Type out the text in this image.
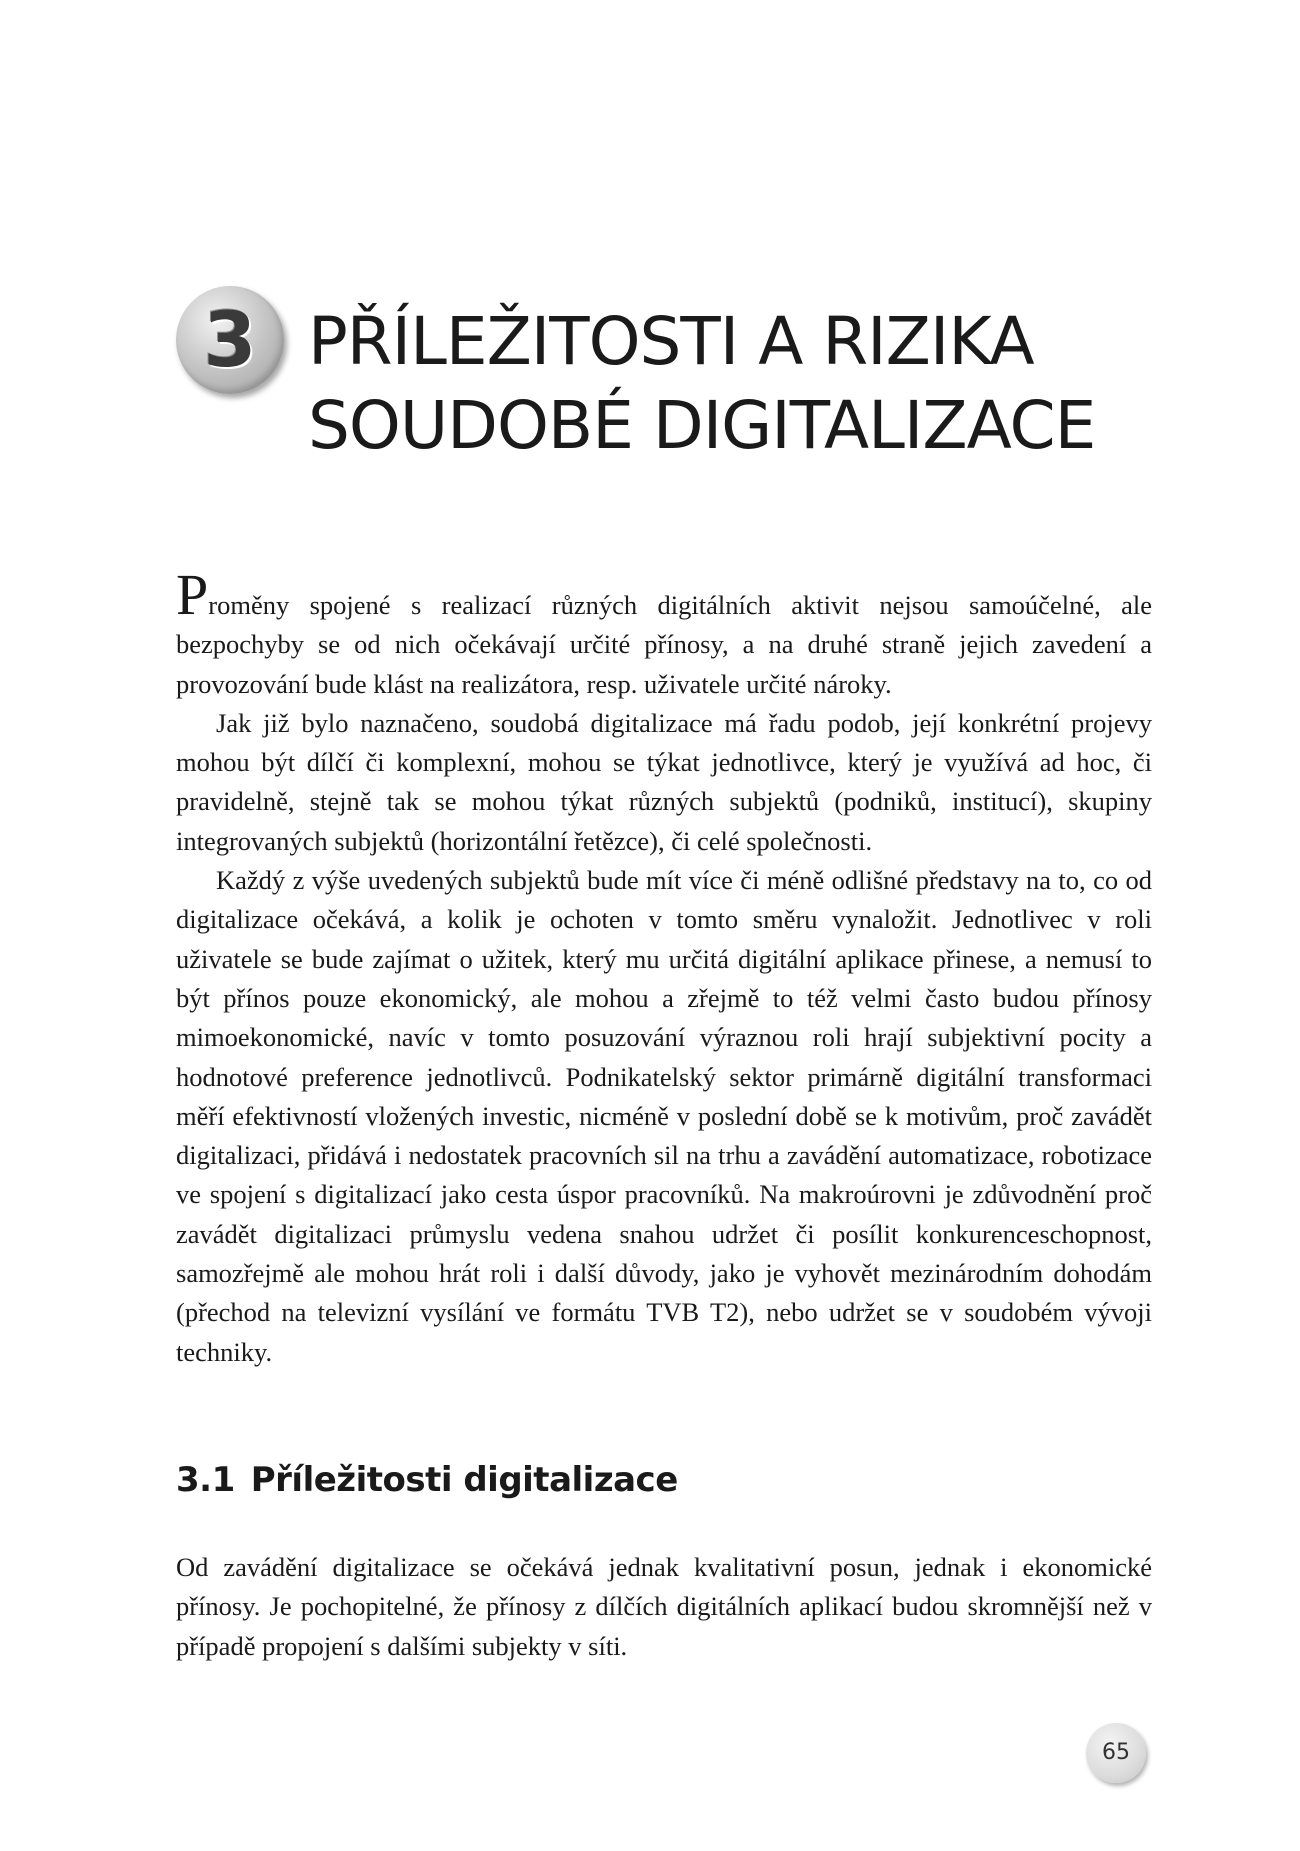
3 PŘÍLEŽITOSTI A RIZIKA
SOUDOBÉ DIGITALIZACE

Proměny spojené s realizací různých digitálních aktivit nejsou samoúčelné, ale bezpochyby se od nich očekávají určité přínosy, a na druhé straně jejich zavedení a provozování bude klást na realizátora, resp. uživatele určité nároky.

Jak již bylo naznačeno, soudobá digitalizace má řadu podob, její konkrétní projevy mohou být dílčí či komplexní, mohou se týkat jednotlivce, který je využívá ad hoc, či pravidelně, stejně tak se mohou týkat různých subjektů (podniků, institucí), skupiny integrovaných subjektů (horizontální řetězce), či celé společnosti.

Každý z výše uvedených subjektů bude mít více či méně odlišné představy na to, co od digitalizace očekává, a kolik je ochoten v tomto směru vynaložit. Jednotlivec v roli uživatele se bude zajímat o užitek, který mu určitá digitální aplikace přinese, a nemusí to být přínos pouze ekonomický, ale mohou a zřejmě to též velmi často budou přínosy mimoekonomické, navíc v tomto posuzování výraznou roli hrají subjektivní pocity a hodnotové preference jednotlivců. Podnikatelský sektor primárně digitální transformaci měří efektivností vložených investic, nicméně v poslední době se k motivům, proč zavádět digitalizaci, přidává i nedostatek pracovních sil na trhu a zavádění automatizace, robotizace ve spojení s digitalizací jako cesta úspor pracovníků. Na makroúrovni je zdůvodnění proč zavádět digitalizaci průmyslu vedena snahou udržet či posílit konkurenceschopnost, samozřejmě ale mohou hrát roli i další důvody, jako je vyhovět mezinárodním dohodám (přechod na televizní vysílání ve formátu TVB T2), nebo udržet se v soudobém vývoji techniky.

3.1 Příležitosti digitalizace

Od zavádění digitalizace se očekává jednak kvalitativní posun, jednak i ekonomické přínosy. Je pochopitelné, že přínosy z dílčích digitálních aplikací budou skromnější než v případě propojení s dalšími subjekty v síti.

65
